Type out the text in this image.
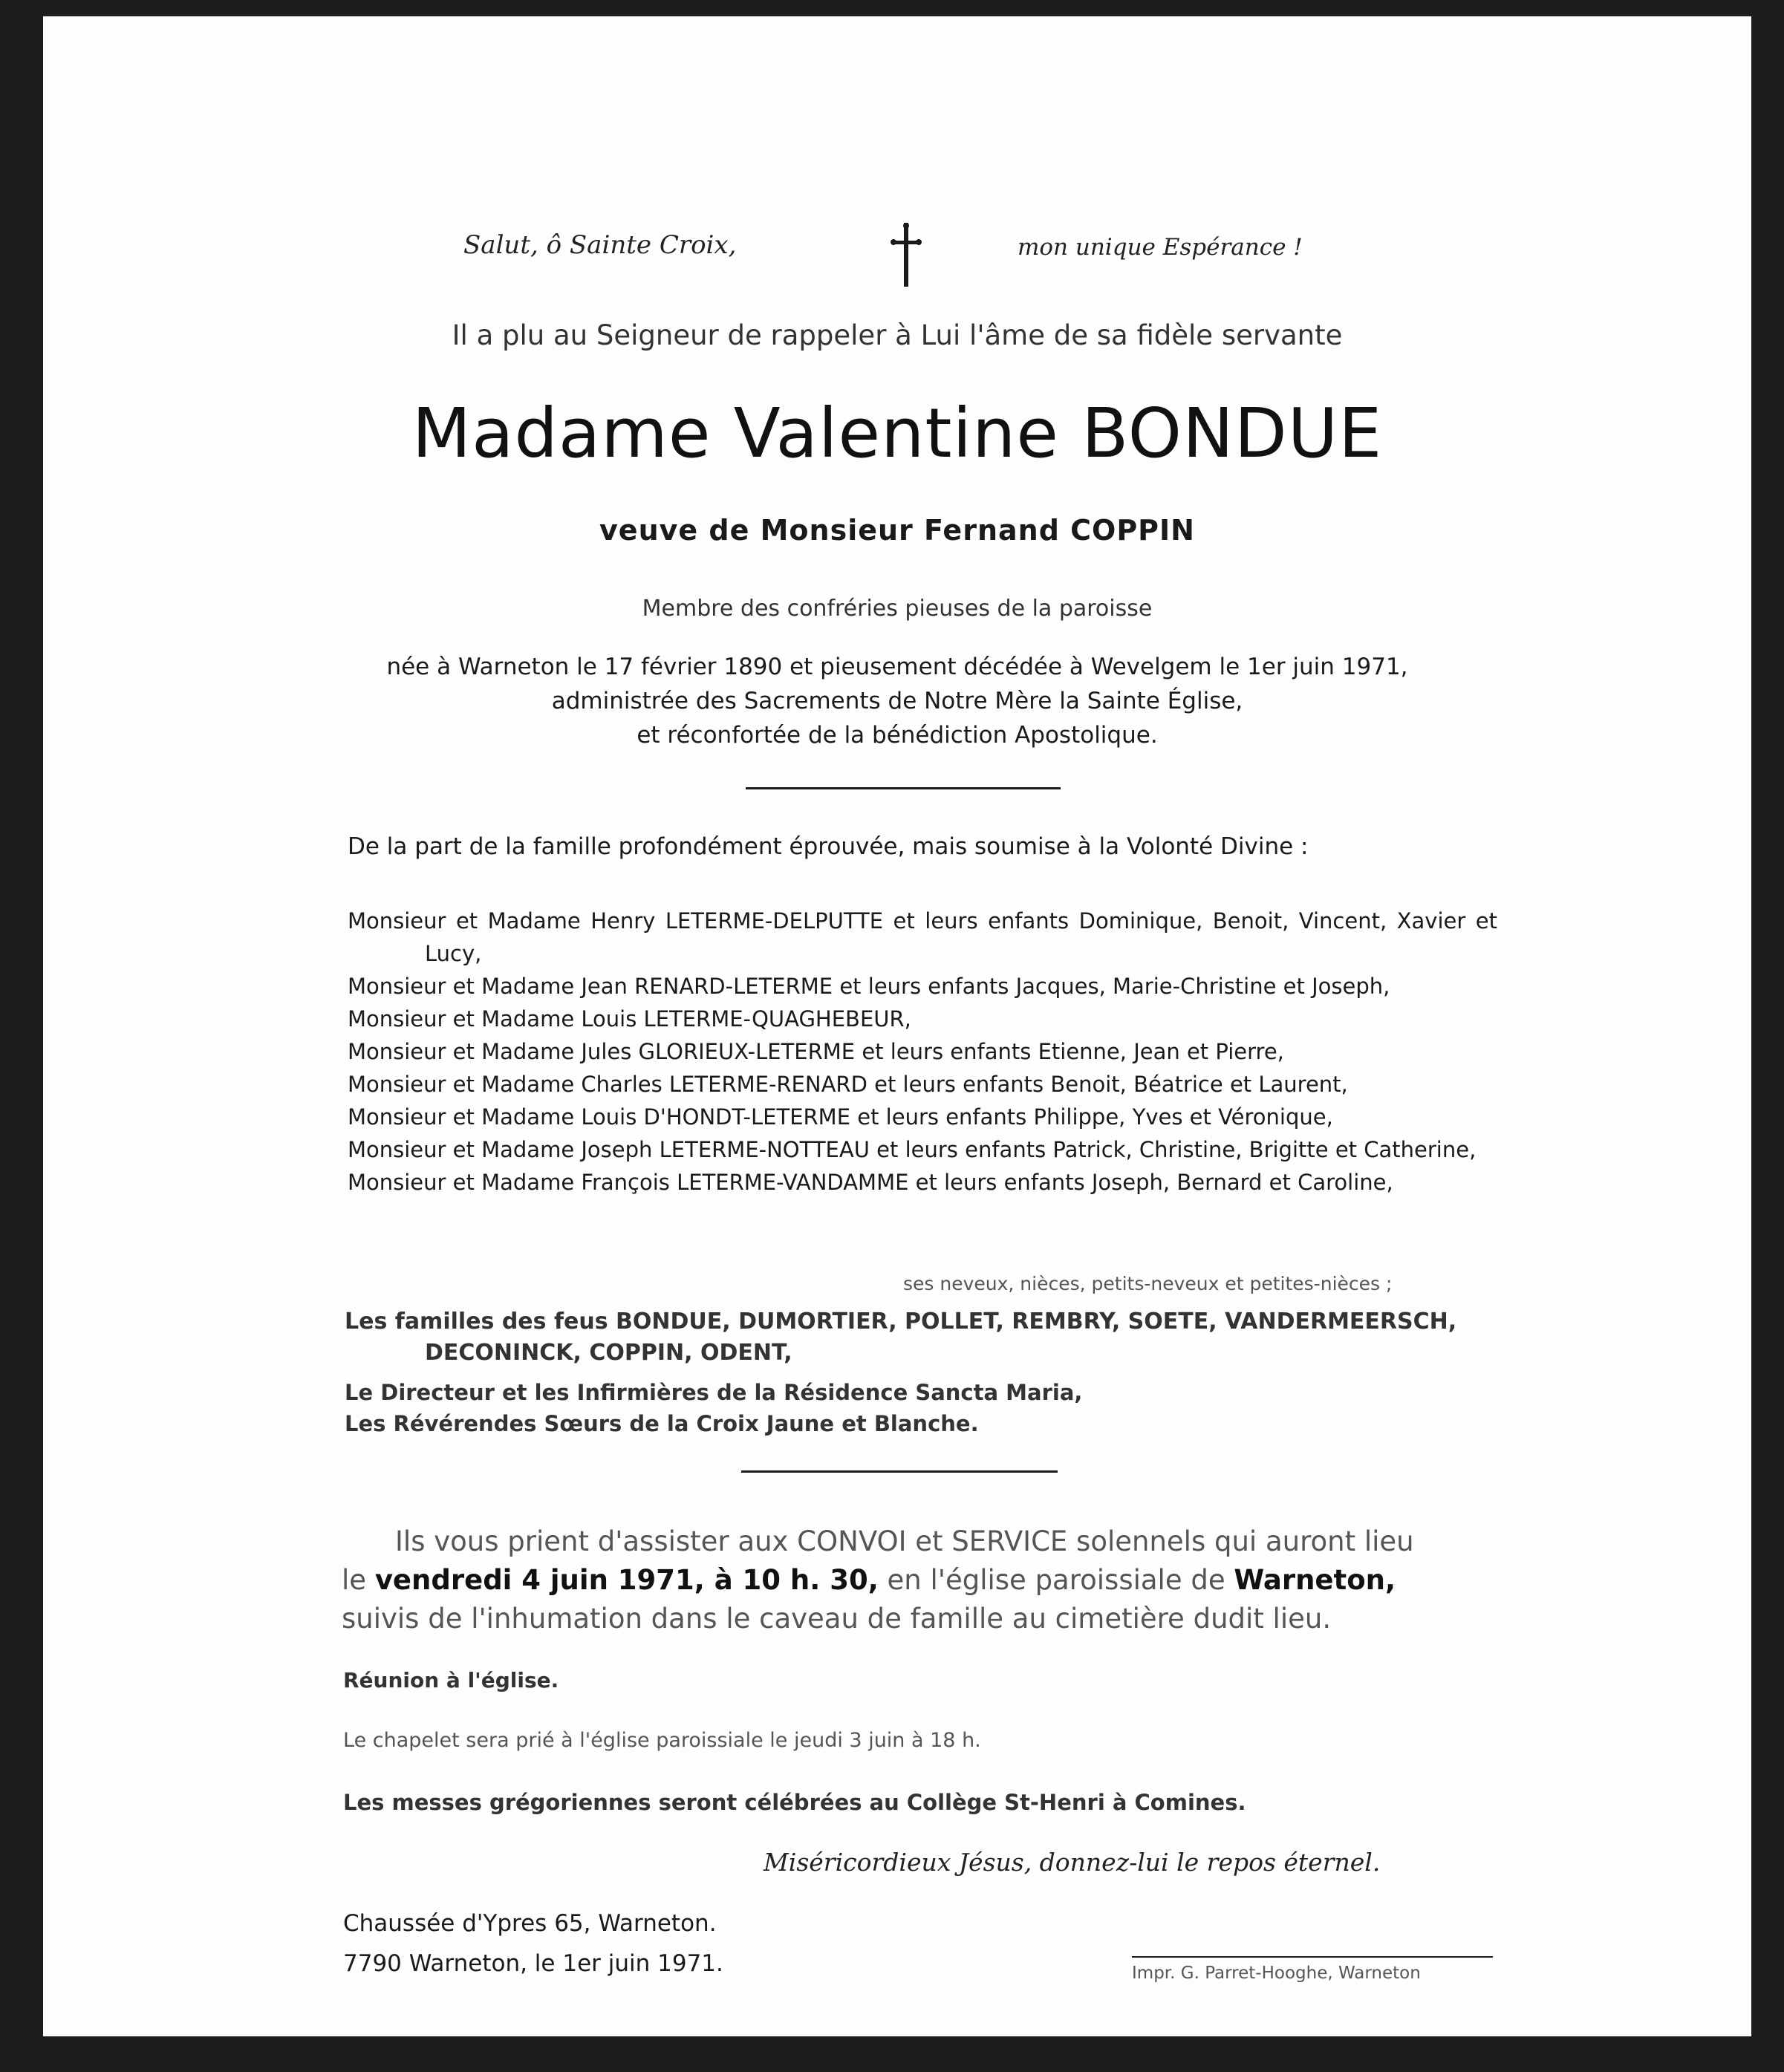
Salut, ô Sainte Croix,	mon unique Espérance !
Il a plu au Seigneur de rappeler à Lui l'âme de sa fidèle servante
Madame Valentine BONDUE
veuve de Monsieur Fernand COPPIN
Membre des confréries pieuses de la paroisse
née à Warneton le 17 février 1890 et pieusement décédée à Wevelgem le 1er juin 1971,
administrée des Sacrements de Notre Mère la Sainte Église,
et réconfortée de la bénédiction Apostolique.
De la part de la famille profondément éprouvée, mais soumise à la Volonté Divine :
Monsieur et Madame Henry LETERME-DELPUTTE et leurs enfants Dominique, Benoit, Vincent, Xavier et Lucy,
Monsieur et Madame Jean RENARD-LETERME et leurs enfants Jacques, Marie-Christine et Joseph,
Monsieur et Madame Louis LETERME-QUAGHEBEUR,
Monsieur et Madame Jules GLORIEUX-LETERME et leurs enfants Etienne, Jean et Pierre,
Monsieur et Madame Charles LETERME-RENARD et leurs enfants Benoit, Béatrice et Laurent,
Monsieur et Madame Louis D'HONDT-LETERME et leurs enfants Philippe, Yves et Véronique,
Monsieur et Madame Joseph LETERME-NOTTEAU et leurs enfants Patrick, Christine, Brigitte et Catherine,
Monsieur et Madame François LETERME-VANDAMME et leurs enfants Joseph, Bernard et Caroline,
ses neveux, nièces, petits-neveux et petites-nièces ;
Les familles des feus BONDUE, DUMORTIER, POLLET, REMBRY, SOETE, VANDERMEERSCH,
DECONINCK, COPPIN, ODENT,
Le Directeur et les Infirmières de la Résidence Sancta Maria,
Les Révérendes Sœurs de la Croix Jaune et Blanche.
Ils vous prient d'assister aux CONVOI et SERVICE solennels qui auront lieu
le vendredi 4 juin 1971, à 10 h. 30, en l'église paroissiale de Warneton,
suivis de l'inhumation dans le caveau de famille au cimetière dudit lieu.
Réunion à l'église.
Le chapelet sera prié à l'église paroissiale le jeudi 3 juin à 18 h.
Les messes grégoriennes seront célébrées au Collège St-Henri à Comines.
Miséricordieux Jésus, donnez-lui le repos éternel.
Chaussée d'Ypres 65, Warneton.
7790 Warneton, le 1er juin 1971.	Impr. G. Parret-Hooghe, Warneton
